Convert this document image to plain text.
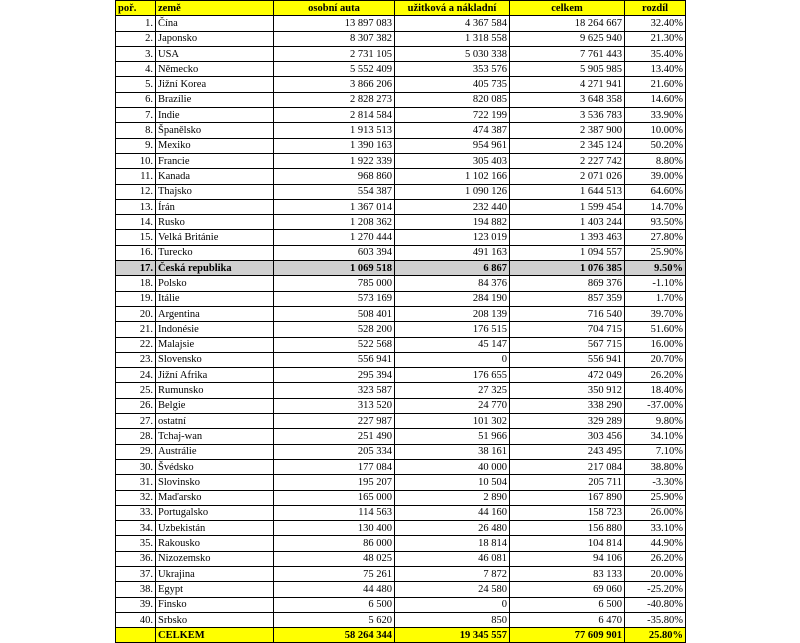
poř.	země	osobní auta	užitková a nákladní	celkem	rozdíl
1.	Čína	13 897 083	4 367 584	18 264 667	32.40%
2.	Japonsko	8 307 382	1 318 558	9 625 940	21.30%
3.	USA	2 731 105	5 030 338	7 761 443	35.40%
4.	Německo	5 552 409	353 576	5 905 985	13.40%
5.	Jižní Korea	3 866 206	405 735	4 271 941	21.60%
6.	Brazílie	2 828 273	820 085	3 648 358	14.60%
7.	Indie	2 814 584	722 199	3 536 783	33.90%
8.	Španělsko	1 913 513	474 387	2 387 900	10.00%
9.	Mexiko	1 390 163	954 961	2 345 124	50.20%
10.	Francie	1 922 339	305 403	2 227 742	8.80%
11.	Kanada	968 860	1 102 166	2 071 026	39.00%
12.	Thajsko	554 387	1 090 126	1 644 513	64.60%
13.	Írán	1 367 014	232 440	1 599 454	14.70%
14.	Rusko	1 208 362	194 882	1 403 244	93.50%
15.	Velká Británie	1 270 444	123 019	1 393 463	27.80%
16.	Turecko	603 394	491 163	1 094 557	25.90%
17.	Česká republika	1 069 518	6 867	1 076 385	9.50%
18.	Polsko	785 000	84 376	869 376	-1.10%
19.	Itálie	573 169	284 190	857 359	1.70%
20.	Argentina	508 401	208 139	716 540	39.70%
21.	Indonésie	528 200	176 515	704 715	51.60%
22.	Malajsie	522 568	45 147	567 715	16.00%
23.	Slovensko	556 941	0	556 941	20.70%
24.	Jižní Afrika	295 394	176 655	472 049	26.20%
25.	Rumunsko	323 587	27 325	350 912	18.40%
26.	Belgie	313 520	24 770	338 290	-37.00%
27.	ostatní	227 987	101 302	329 289	9.80%
28.	Tchaj-wan	251 490	51 966	303 456	34.10%
29.	Austrálie	205 334	38 161	243 495	7.10%
30.	Švédsko	177 084	40 000	217 084	38.80%
31.	Slovinsko	195 207	10 504	205 711	-3.30%
32.	Maďarsko	165 000	2 890	167 890	25.90%
33.	Portugalsko	114 563	44 160	158 723	26.00%
34.	Uzbekistán	130 400	26 480	156 880	33.10%
35.	Rakousko	86 000	18 814	104 814	44.90%
36.	Nizozemsko	48 025	46 081	94 106	26.20%
37.	Ukrajina	75 261	7 872	83 133	20.00%
38.	Egypt	44 480	24 580	69 060	-25.20%
39.	Finsko	6 500	0	6 500	-40.80%
40.	Srbsko	5 620	850	6 470	-35.80%
	CELKEM	58 264 344	19 345 557	77 609 901	25.80%
